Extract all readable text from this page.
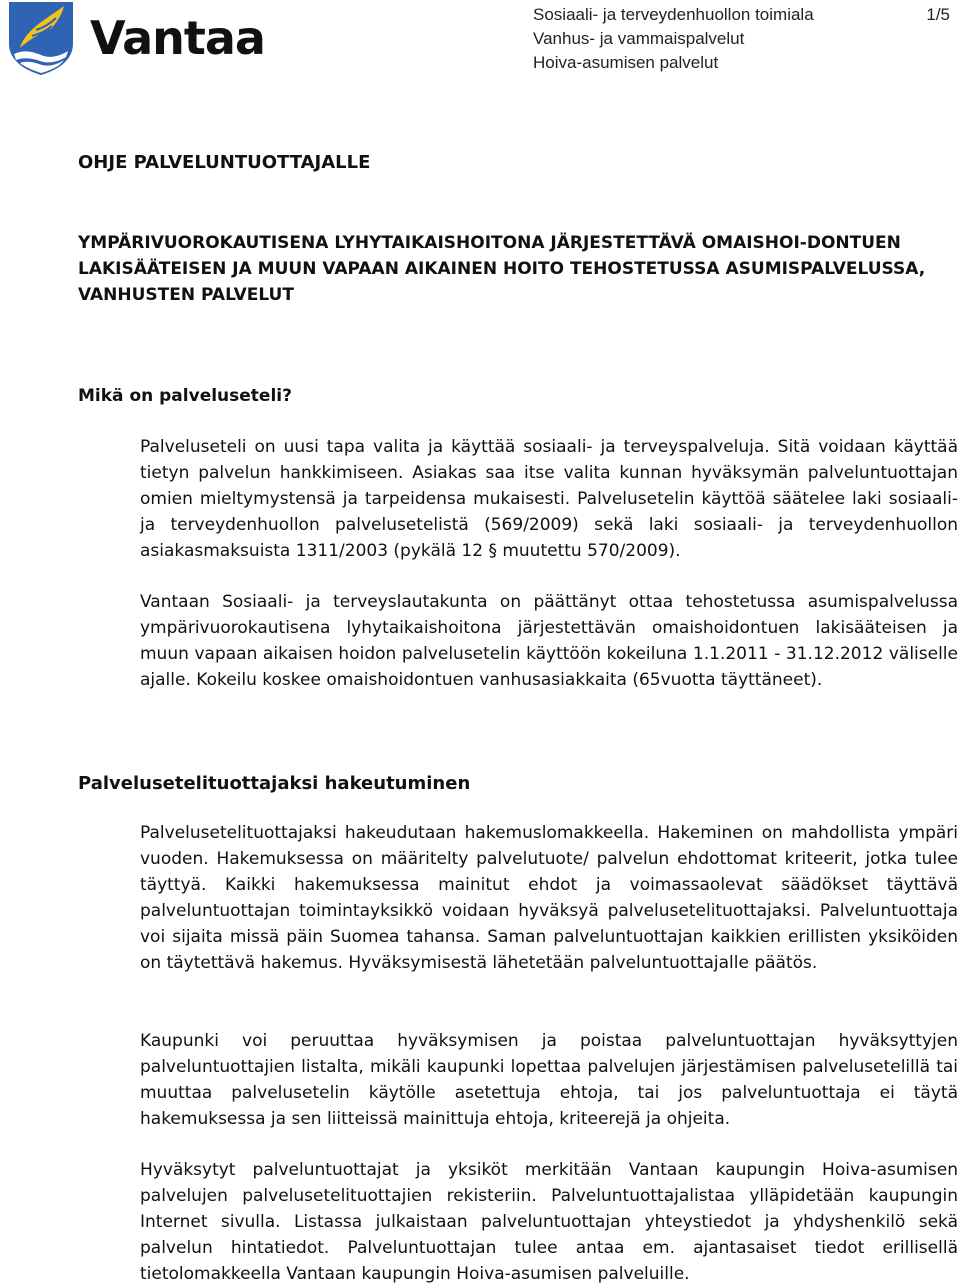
Vantaa	Sosiaali- ja terveydenhuollon toimiala
Vanhus- ja vammaispalvelut
Hoiva-asumisen palvelut
1/5
OHJE PALVELUNTUOTTAJALLE
YMPÄRIVUOROKAUTISENA LYHYTAIKAISHOITONA JÄRJESTETTÄVÄ OMAISHOI-DONTUEN LAKISÄÄTEISEN JA MUUN VAPAAN AIKAINEN HOITO TEHOSTETUSSA ASUMISPALVELUSSA, VANHUSTEN PALVELUT
Mikä on palveluseteli?

Palveluseteli on uusi tapa valita ja käyttää sosiaali- ja terveyspalveluja. Sitä voidaan käyttää tietyn palvelun hankkimiseen. Asiakas saa itse valita kunnan hyväksymän palveluntuottajan omien mieltymystensä ja tarpeidensa mukaisesti. Palvelusetelin käyttöä säätelee laki sosiaali- ja terveydenhuollon palvelusetelistä (569/2009) sekä laki sosiaali- ja terveydenhuollon asiakasmaksuista 1311/2003 (pykälä 12 § muutettu 570/2009).

Vantaan Sosiaali- ja terveyslautakunta on päättänyt ottaa tehostetussa asumispalvelussa ympärivuorokautisena lyhytaikaishoitona järjestettävän omaishoidontuen lakisääteisen ja muun vapaan aikaisen hoidon palvelusetelin käyttöön kokeiluna 1.1.2011 - 31.12.2012 väliselle ajalle. Kokeilu koskee omaishoidontuen vanhusasiakkaita (65vuotta täyttäneet).

Palvelusetelituottajaksi hakeutuminen

Palvelusetelituottajaksi hakeudutaan hakemuslomakkeella. Hakeminen on mahdollista ympäri vuoden. Hakemuksessa on määritelty palvelutuote/ palvelun ehdottomat kriteerit, jotka tulee täyttyä. Kaikki hakemuksessa mainitut ehdot ja voimassaolevat säädökset täyttävä palveluntuottajan toimintayksikkö voidaan hyväksyä palvelusetelituottajaksi. Palveluntuottaja voi sijaita missä päin Suomea tahansa. Saman palveluntuottajan kaikkien erillisten yksiköiden on täytettävä hakemus. Hyväksymisestä lähetetään palveluntuottajalle päätös.

Kaupunki voi peruuttaa hyväksymisen ja poistaa palveluntuottajan hyväksyttyjen palveluntuottajien listalta, mikäli kaupunki lopettaa palvelujen järjestämisen palvelusetelillä tai muuttaa palvelusetelin käytölle asetettuja ehtoja, tai jos palveluntuottaja ei täytä hakemuksessa ja sen liitteissä mainittuja ehtoja, kriteerejä ja ohjeita.

Hyväksytyt palveluntuottajat ja yksiköt merkitään Vantaan kaupungin Hoiva-asumisen palvelujen palvelusetelituottajien rekisteriin. Palveluntuottajalistaa ylläpidetään kaupungin Internet sivulla. Listassa julkaistaan palveluntuottajan yhteystiedot ja yhdyshenkilö sekä palvelun hintatiedot. Palveluntuottajan tulee antaa em. ajantasaiset tiedot erillisellä tietolomakkeella Vantaan kaupungin Hoiva-asumisen palveluille.
